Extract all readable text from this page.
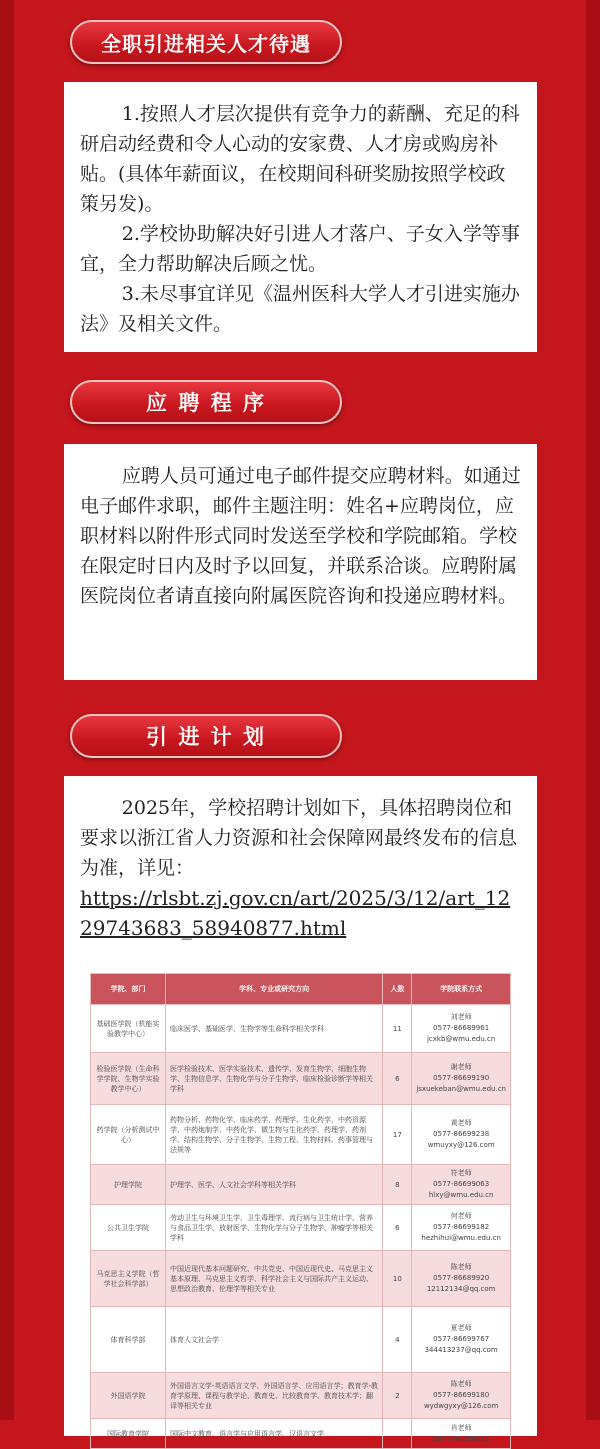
全职引进相关人才待遇

1.按照人才层次提供有竞争力的薪酬、充足的科研启动经费和令人心动的安家费、人才房或购房补贴。(具体年薪面议，在校期间科研奖励按照学校政策另发)。

2.学校协助解决好引进人才落户、子女入学等事宜，全力帮助解决后顾之忧。

3.未尽事宜详见《温州医科大学人才引进实施办法》及相关文件。

应 聘 程 序

应聘人员可通过电子邮件提交应聘材料。如通过电子邮件求职，邮件主题注明：姓名+应聘岗位，应职材料以附件形式同时发送至学校和学院邮箱。学校在限定时日内及时予以回复，并联系洽谈。应聘附属医院岗位者请直接向附属医院咨询和投递应聘材料。

引 进 计 划

2025年，学校招聘计划如下，具体招聘岗位和要求以浙江省人力资源和社会保障网最终发布的信息为准，详见：

https://rlsbt.zj.gov.cn/art/2025/3/12/art_1229743683_58940877.html
学院、部门	学科、专业或研究方向	人数	学院联系方式
基础医学院（机能实验教学中心）	临床医学、基础医学、生物学等生命科学相关学科	11	刘老师
0577-86689961
jcxkb@wmu.edu.cn

检验医学院（生命科学学院、生物学实验教学中心）	医学检验技术、医学实验技术、遗传学、发育生物学、细胞生物学、生物信息学、生物化学与分子生物学、临床检验诊断学等相关学科	6	谢老师
0577-86699190
jsxuekeban@wmu.edu.cn

药学院（分析测试中心）	药物分析、药物化学、临床药学、药理学、生化药学、中药资源学、中药炮制学、中药化学、微生物与生化药学、药理学、药剂学、结构生物学、分子生物学、生物工程、生物材料、药事管理与法规等	17	黄老师
0577-86699238
wmuyxy@126.com

护理学院	护理学、医学、人文社会学科等相关学科	8	符老师
0577-86699063
hlxy@wmu.edu.cn

公共卫生学院	劳动卫生与环境卫生学、卫生毒理学、流行病与卫生统计学、营养与食品卫生学、放射医学、生物化学与分子生物学、肿瘤学等相关学科	6	何老师
0577-86699182
hezhihui@wmu.edu.cn

马克思主义学院（哲学社会科学部）	中国近现代基本问题研究、中共党史、中国近现代史、马克思主义基本原理、马克思主义哲学、科学社会主义与国际共产主义运动、思想政治教育、伦理学等相关专业	10	陈老师
0577-86689920
12112134@qq.com

体育科学部	体育人文社会学	4	夏老师
0577-86699767
344413237@qq.com

外国语学院	外国语言文学-英语语言文学、外国语言学、应用语言学；教育学-教育学原理、课程与教学论、教育史、比较教育学、教育技术学；翻译等相关专业	2	陈老师
0577-86699180
wydwgyxy@126.com

国际教育学院	国际中文教育、语言学与应用语言学、汉语言文学		肖老师
0577-86699033
